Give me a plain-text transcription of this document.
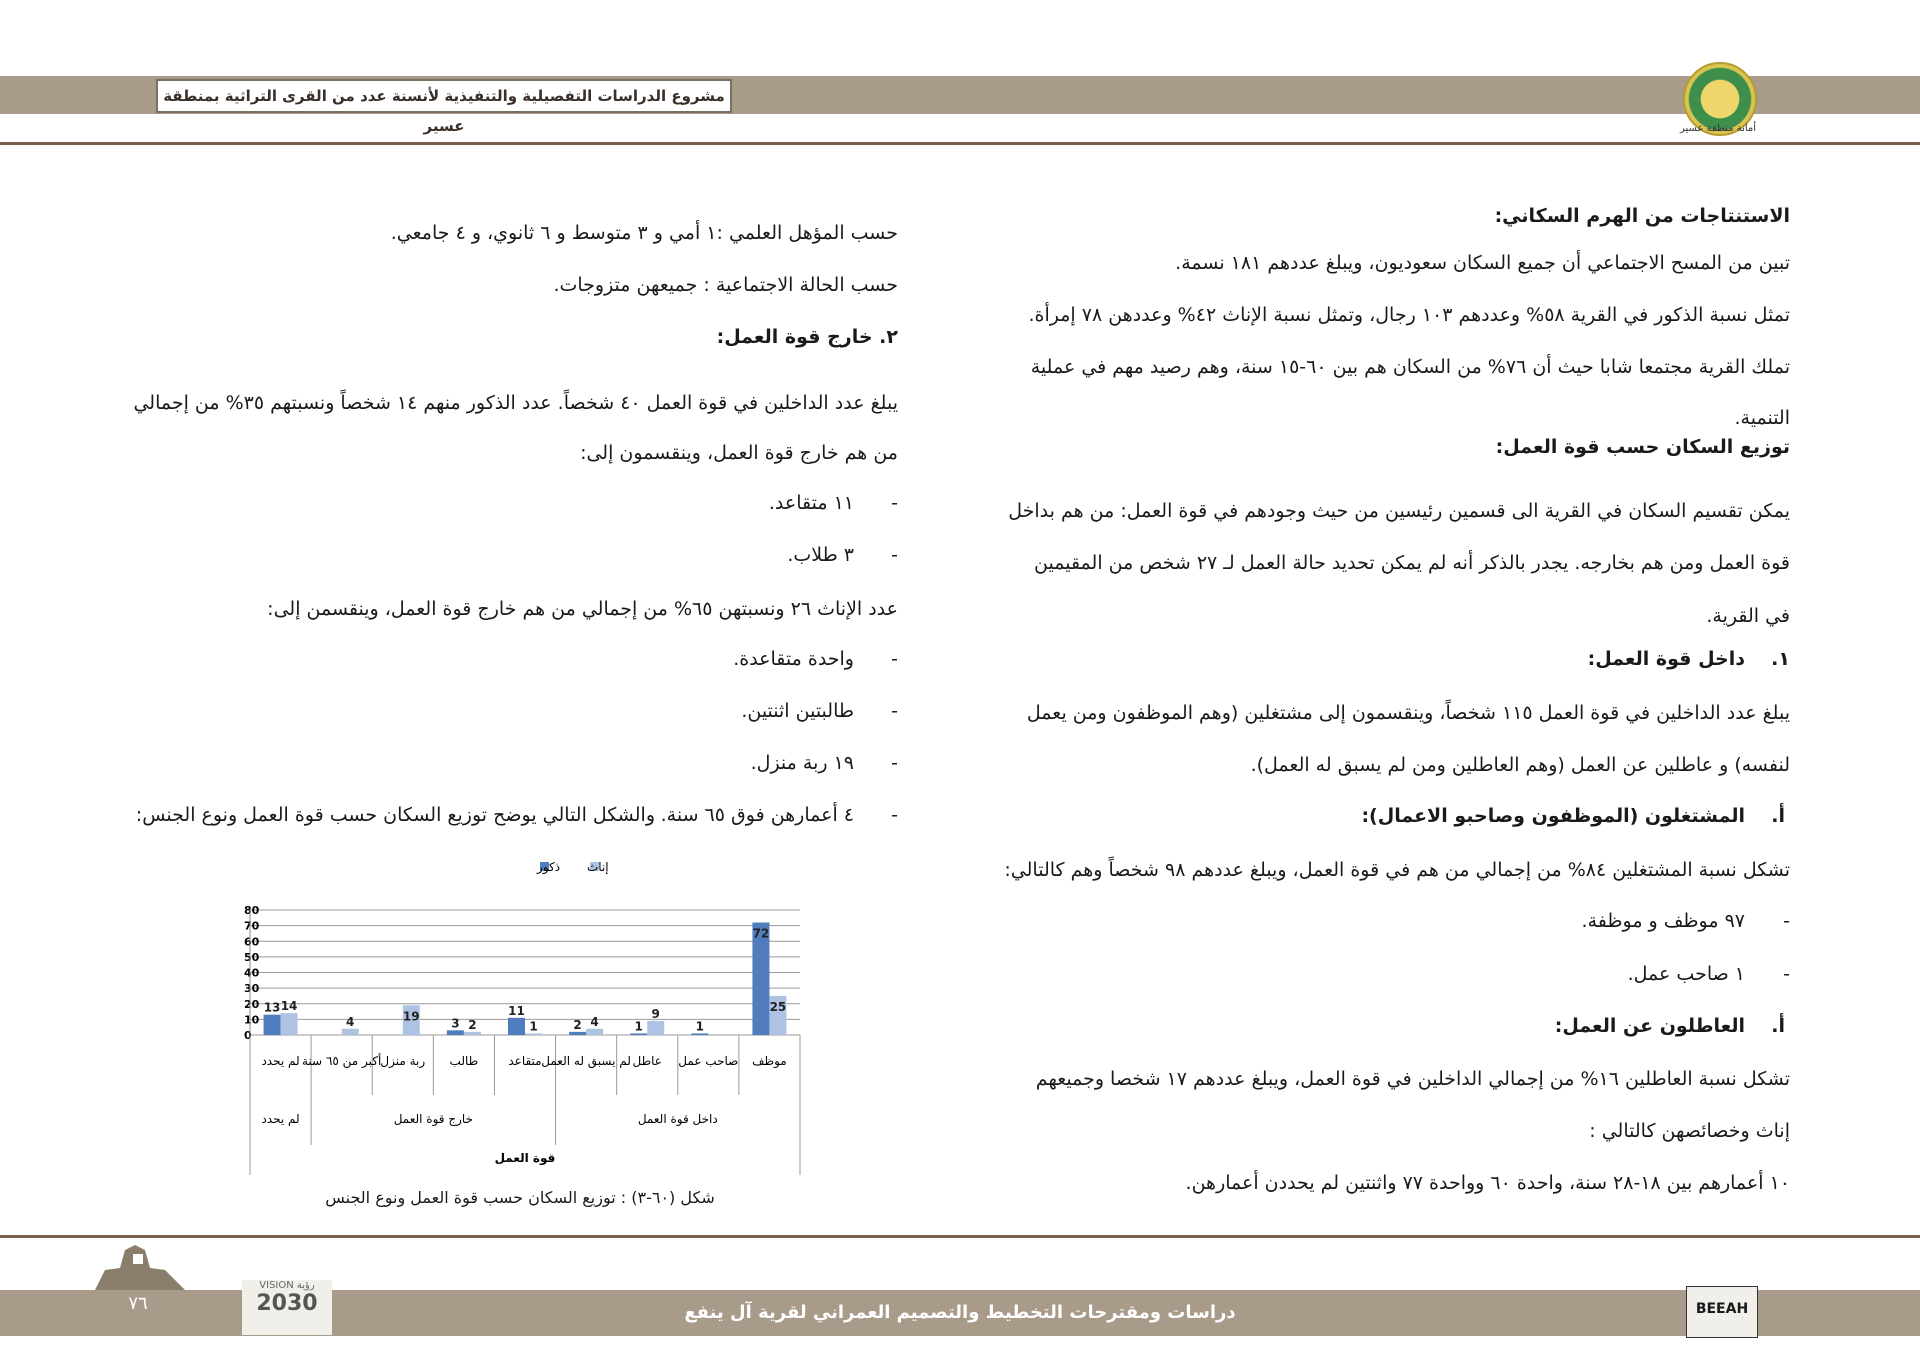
مشروع الدراسات التفصيلية والتنفيذية لأنسنة عدد من القرى التراثية بمنطقة عسير	أمانة منطقة عسير
الاستنتاجات من الهرم السكاني:
تبين من المسح الاجتماعي أن جميع السكان سعوديون، ويبلغ عددهم ١٨١ نسمة.
تمثل نسبة الذكور في القرية ٥٨% وعددهم ١٠٣ رجال، وتمثل نسبة الإناث ٤٢% وعددهن ٧٨ إمرأة.
تملك القرية مجتمعا شابا حيث أن ٧٦% من السكان هم بين ٦٠-١٥ سنة، وهم رصيد مهم في عملية
التنمية.
توزيع السكان حسب قوة العمل:
يمكن تقسيم السكان في القرية الى قسمين رئيسين من حيث وجودهم في قوة العمل: من هم بداخل
قوة العمل ومن هم بخارجه. يجدر بالذكر أنه لم يمكن تحديد حالة العمل لـ ٢٧ شخص من المقيمين
في القرية.
١.
داخل قوة العمل:
يبلغ عدد الداخلين في قوة العمل ١١٥ شخصاً، وينقسمون إلى مشتغلين (وهم الموظفون ومن يعمل
لنفسه) و عاطلين عن العمل (وهم العاطلين ومن لم يسبق له العمل).
أ.
المشتغلون (الموظفون وصاحبو الاعمال):
تشكل نسبة المشتغلين ٨٤% من إجمالي من هم في قوة العمل، ويبلغ عددهم ٩٨ شخصاً وهم كالتالي:
-
٩٧ موظف و موظفة.
-
١ صاحب عمل.
أ.
العاطلون عن العمل:
تشكل نسبة العاطلين ١٦% من إجمالي الداخلين في قوة العمل، ويبلغ عددهم ١٧ شخصا وجميعهم
إناث وخصائصهن كالتالي :
١٠ أعمارهم بين ١٨-٢٨ سنة، واحدة ٦٠ وواحدة ٧٧ واثنتين لم يحددن أعمارهن.
حسب المؤهل العلمي :١ أمي و ٣ متوسط و ٦ ثانوي، و ٤ جامعي.
حسب الحالة الاجتماعية : جميعهن متزوجات.
٢. خارج قوة العمل:
يبلغ عدد الداخلين في قوة العمل ٤٠ شخصاً. عدد الذكور منهم ١٤ شخصاً ونسبتهم ٣٥% من إجمالي
من هم خارج قوة العمل، وينقسمون إلى:
-
١١ متقاعد.
-
٣ طلاب.
عدد الإناث ٢٦ ونسبتهن ٦٥% من إجمالي من هم خارج قوة العمل، وينقسمن إلى:
-
واحدة متقاعدة.
-
طالبتين اثنتين.
-
١٩ ربة منزل.
-
٤ أعمارهن فوق ٦٥ سنة.
والشكل التالي يوضح توزيع السكان حسب قوة العمل ونوع الجنس:
0
10
20
30
40
50
60
70
80
72
1
1
2
11
3
13	25
9
4
1
2
19
4
14
موظف
صاحب عمل
عاطل
لم يسبق له العمل
متقاعد
طالب
ربة منزل
أكبر من ٦٥ سنة
لم يحدد
داخل قوة العمل
خارج قوة العمل
لم يحدد
قوة العمل
ذكور إناث
شكل (٦٠-٣) : توزيع السكان حسب قوة العمل ونوع الجنس
٧٦
رؤية VISION
2030	دراسات ومقترحات التخطيط والتصميم العمراني لقرية آل ينفع	BEEAH
